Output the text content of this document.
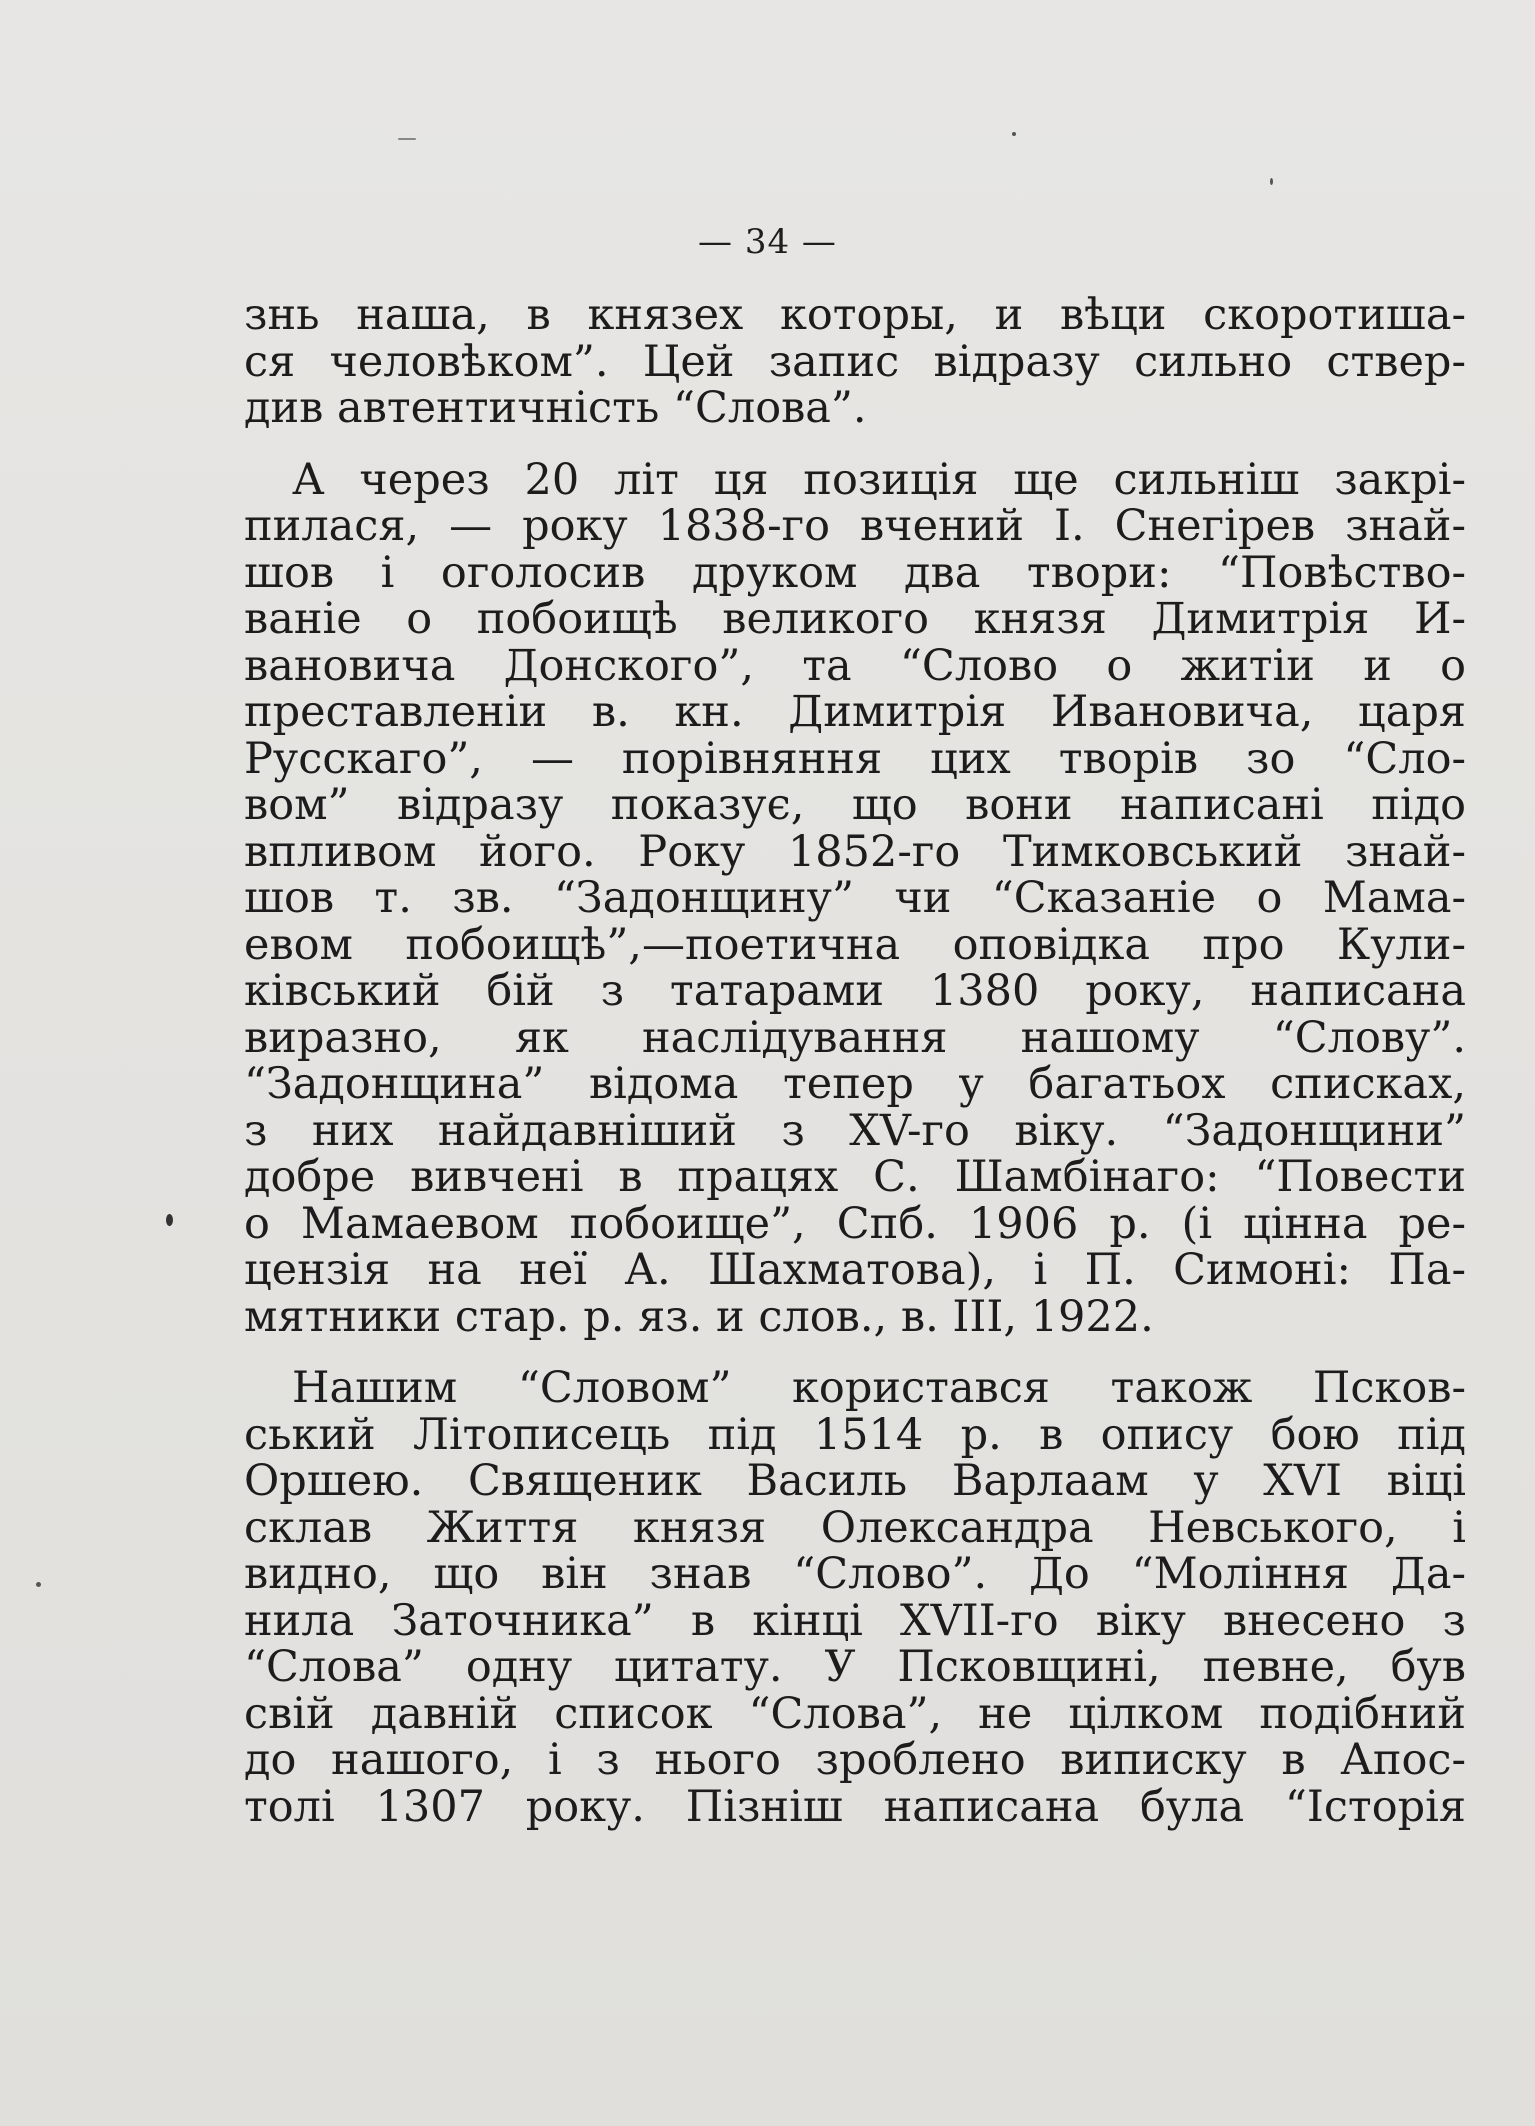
— 34 —
знь наша, в князех которы, и вѣци скоротиша-
ся человѣком”. Цей запис відразу сильно ствер-
див автентичність “Слова”.
А через 20 літ ця позиція ще сильніш закрі-
пилася, — року 1838-го вчений І. Снегірев знай-
шов і оголосив друком два твори: “Повѣство-
ваніе о побоищѣ великого князя Димитрія И-
вановича Донского”, та “Слово о житіи и о
преставленіи в. кн. Димитрія Ивановича, царя
Русскаго”, — порівняння цих творів зо “Сло-
вом” відразу показує, що вони написані підо
впливом його. Року 1852-го Тимковський знай-
шов т. зв. “Задонщину” чи “Сказаніе о Мама-
евом побоищѣ”,—поетична оповідка про Кули-
ківський бій з татарами 1380 року, написана
виразно, як наслідування нашому “Слову”.
“Задонщина” відома тепер у багатьох списках,
з них найдавніший з XV-го віку. “Задонщини”
добре вивчені в працях С. Шамбінаго: “Повести
о Мамаевом побоище”, Спб. 1906 р. (і цінна ре-
цензія на неї А. Шахматова), і П. Симоні: Па-
мятники стар. р. яз. и слов., в. III, 1922.
Нашим “Словом” користався також Псков-
ський Літописець під 1514 р. в опису бою під
Оршею. Священик Василь Варлаам у XVI віці
склав Життя князя Олександра Невського, і
видно, що він знав “Слово”. До “Моління Да-
нила Заточника” в кінці XVII-го віку внесено з
“Слова” одну цитату. У Псковщині, певне, був
свій давній список “Слова”, не цілком подібний
до нашого, і з нього зроблено виписку в Апос-
толі 1307 року. Пізніш написана була “Історія
